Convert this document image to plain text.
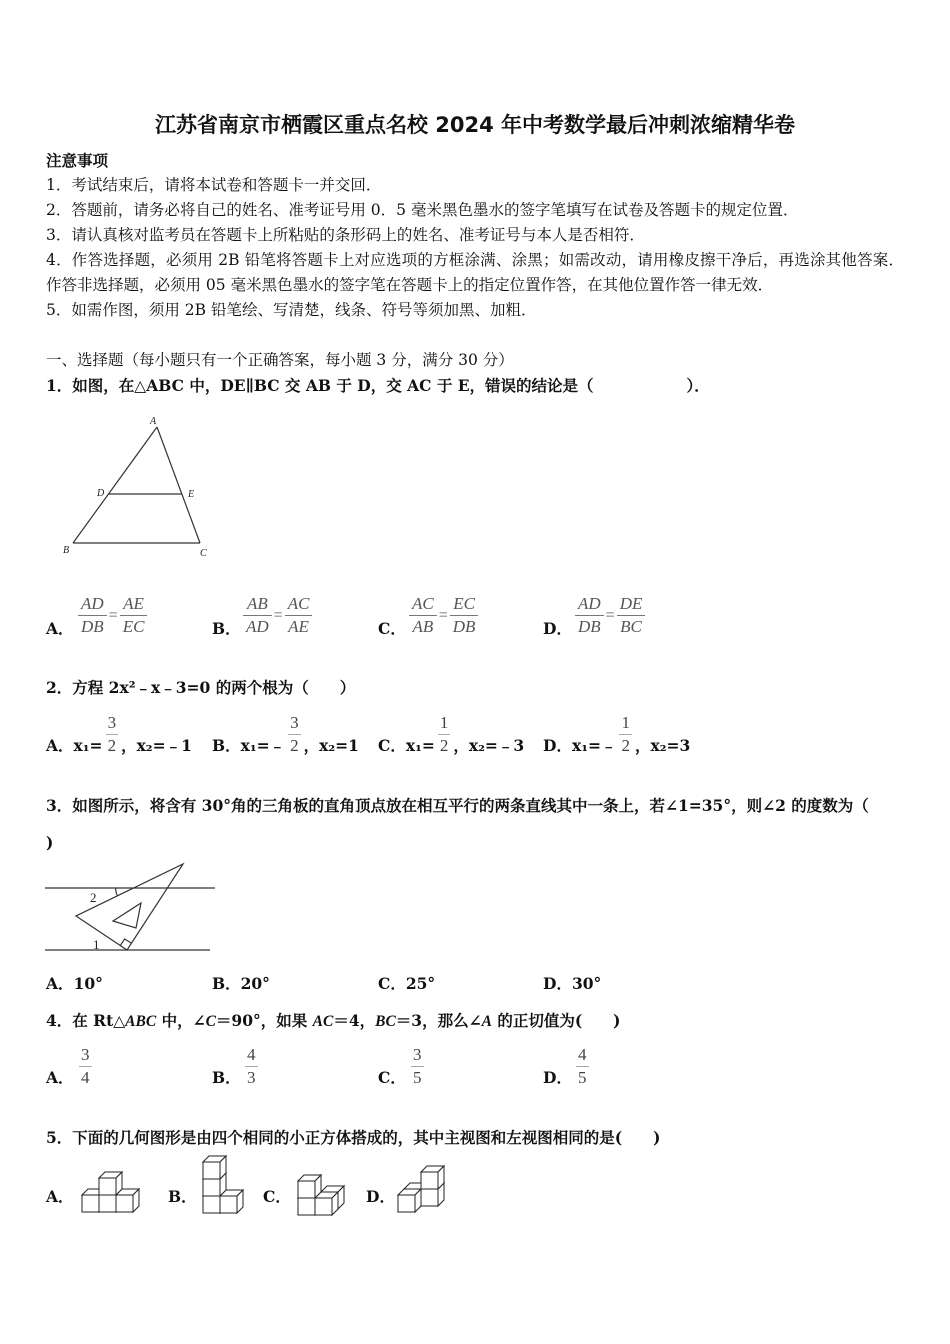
江苏省南京市栖霞区重点名校 2024 年中考数学最后冲刺浓缩精华卷
注意事项
1．考试结束后，请将本试卷和答题卡一并交回．
2．答题前，请务必将自己的姓名、准考证号用 0．5 毫米黑色墨水的签字笔填写在试卷及答题卡的规定位置．
3．请认真核对监考员在答题卡上所粘贴的条形码上的姓名、准考证号与本人是否相符．
4．作答选择题，必须用 2B 铅笔将答题卡上对应选项的方框涂满、涂黑；如需改动，请用橡皮擦干净后，再选涂其他答案．作答非选择题，必须用 05 毫米黑色墨水的签字笔在答题卡上的指定位置作答，在其他位置作答一律无效．
5．如需作图，须用 2B 铅笔绘、写清楚，线条、符号等须加黑、加粗．
一、选择题（每小题只有一个正确答案，每小题 3 分，满分 30 分）
1．如图，在△ABC 中，DE∥BC 交 AB 于 D，交 AC 于 E，错误的结论是（　　　　　　）．
A
B	C
D	E
A． $\frac{AD}{DB} = \frac{AE}{EC}$	B． $\frac{AB}{AD} = \frac{AC}{AE}$	C． $\frac{AC}{AB} = \frac{EC}{DB}$	D． $\frac{AD}{DB} = \frac{DE}{BC}$
2．方程 2x²﹣x﹣3=0 的两个根为（　　）
A． $x_1= \frac{3}{2}$ ，x₂=﹣1 B． x₁=﹣ $\frac{3}{2}$ ，x₂=1 C． $x_1= \frac{1}{2}$ ，x₂=﹣3 D． x₁=﹣ $\frac{1}{2}$ ，x₂=3
3．如图所示，将含有 30°角的三角板的直角顶点放在相互平行的两条直线其中一条上，若∠1=35°，则∠2 的度数为（
)
2
1
A．10°	B．20°	C．25°	D．30°
4．在 Rt△ABC 中，∠C＝90°，如果 AC＝4，BC＝3，那么∠A 的正切值为(　　)
A． $\frac{3}{4}$	B． $\frac{4}{3}$	C． $\frac{3}{5}$	D． $\frac{4}{5}$
5．下面的几何图形是由四个相同的小正方体搭成的，其中主视图和左视图相同的是(　　)
A．	B．	C．	D．
